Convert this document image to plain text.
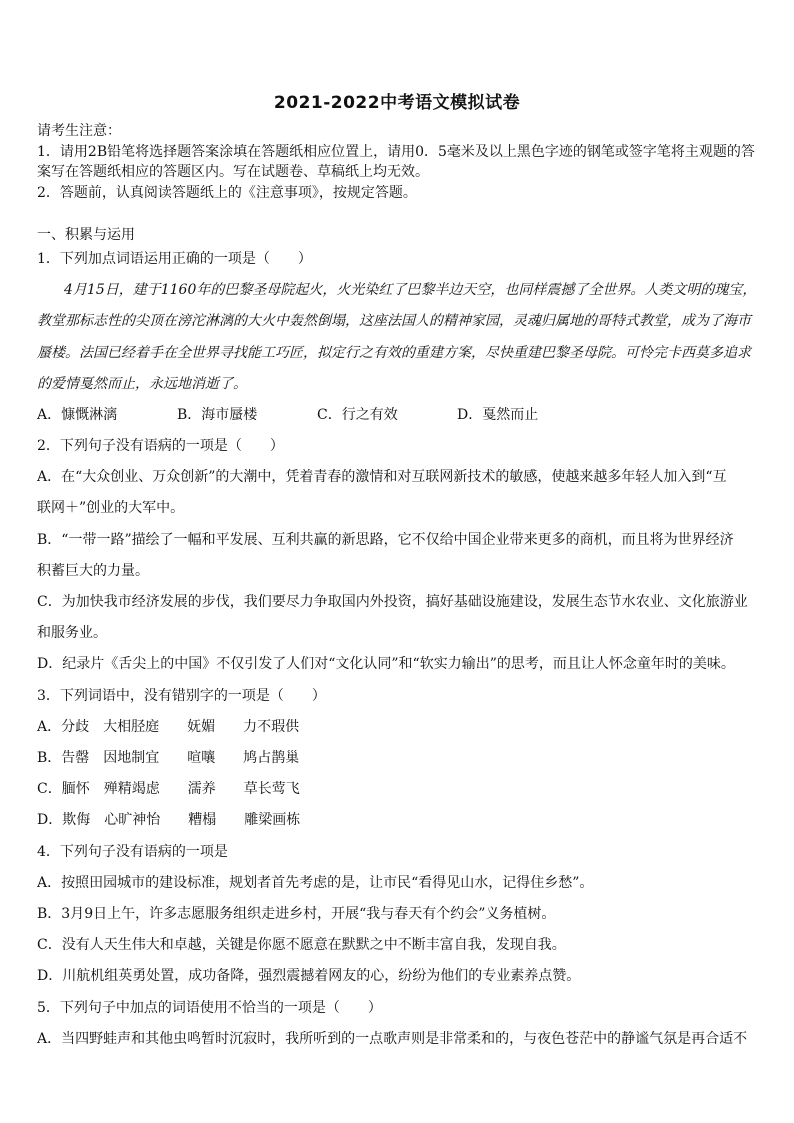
2021-2022中考语文模拟试卷
请考生注意：
1．请用2B铅笔将选择题答案涂填在答题纸相应位置上，请用0．5毫米及以上黑色字迹的钢笔或签字笔将主观题的答
案写在答题纸相应的答题区内。写在试题卷、草稿纸上均无效。
2．答题前，认真阅读答题纸上的《注意事项》，按规定答题。
一、积累与运用
1．下列加点词语运用正确的一项是（　　）
4月15日，建于1160年的巴黎圣母院起火，火光染红了巴黎半边天空，也同样震撼了全世界。人类文明的瑰宝，
教堂那标志性的尖顶在滂沱淋漓的大火中轰然倒塌，这座法国人的精神家园，灵魂归属地的哥特式教堂，成为了海市
蜃楼。法国已经着手在全世界寻找能工巧匠，拟定行之有效的重建方案，尽快重建巴黎圣母院。可怜完卡西莫多追求
的爱情戛然而止，永远地消逝了。
A．慷慨淋漓	B．海市蜃楼	C．行之有效	D．戛然而止
2．下列句子没有语病的一项是（　　）
A．在“大众创业、万众创新”的大潮中，凭着青春的激情和对互联网新技术的敏感，使越来越多年轻人加入到“互
联网＋”创业的大军中。
B．“一带一路”描绘了一幅和平发展、互利共赢的新思路，它不仅给中国企业带来更多的商机，而且将为世界经济
积蓄巨大的力量。
C．为加快我市经济发展的步伐，我们要尽力争取国内外投资，搞好基础设施建设，发展生态节水农业、文化旅游业
和服务业。
D．纪录片《舌尖上的中国》不仅引发了人们对“文化认同”和“软实力输出”的思考，而且让人怀念童年时的美味。
3．下列词语中，没有错别字的一项是（　　）
A．分歧　大相胫庭　　妩媚　　力不瑕供
B．告罄　因地制宜　　喧嚷　　鸠占鹊巢
C．腼怀　殚精竭虑　　濡养　　草长莺飞
D．欺侮　心旷神怡　　糟榻　　雕梁画栋
4．下列句子没有语病的一项是
A．按照田园城市的建设标准，规划者首先考虑的是，让市民“看得见山水，记得住乡愁”。
B．3月9日上午，许多志愿服务组织走进乡村，开展“我与春天有个约会”义务植树。
C．没有人天生伟大和卓越，关键是你愿不愿意在默默之中不断丰富自我，发现自我。
D．川航机组英勇处置，成功备降，强烈震撼着网友的心，纷纷为他们的专业素养点赞。
5．下列句子中加点的词语使用不恰当的一项是（　　）
A．当四野蛙声和其他虫鸣暂时沉寂时，我所听到的一点歌声则是非常柔和的，与夜色苍茫中的静谧气氛是再合适不
